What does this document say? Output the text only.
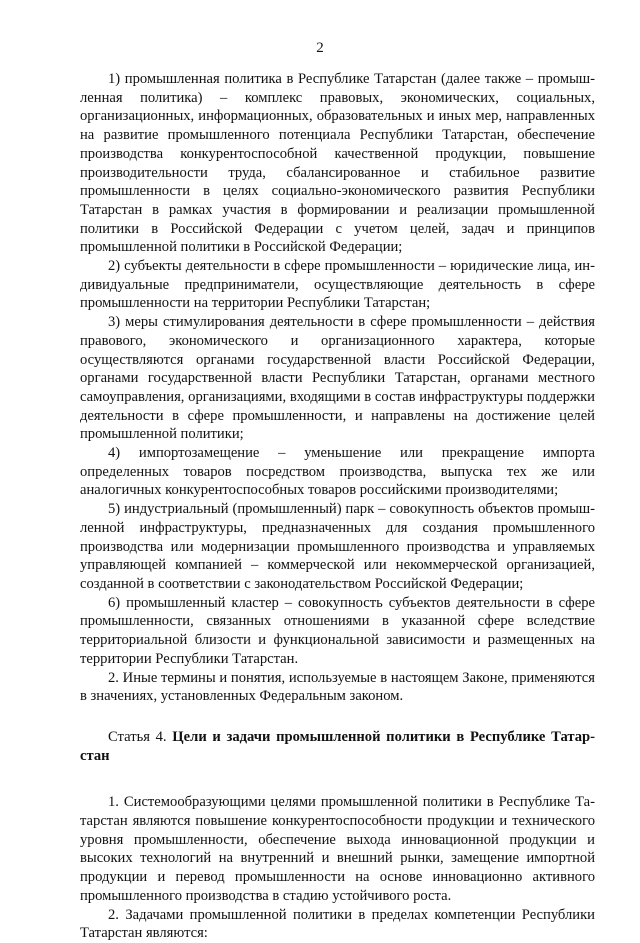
2

1) промышленная политика в Республике Татарстан (далее также – промышленная политика) – комплекс правовых, экономических, социальных, организационных, информационных, образовательных и иных мер, направленных на развитие промышленного потенциала Республики Татарстан, обеспечение производства конкурентоспособной качественной продукции, повышение производительности труда, сбалансированное и стабильное развитие промышленности в целях социально-экономического развития Республики Татарстан в рамках участия в формировании и реализации промышленной политики в Российской Федерации с учетом целей, задач и принципов промышленной политики в Российской Федерации;

2) субъекты деятельности в сфере промышленности – юридические лица, индивидуальные предприниматели, осуществляющие деятельность в сфере промышленности на территории Республики Татарстан;

3) меры стимулирования деятельности в сфере промышленности – действия правового, экономического и организационного характера, которые осуществляются органами государственной власти Российской Федерации, органами государственной власти Республики Татарстан, органами местного самоуправления, организациями, входящими в состав инфраструктуры поддержки деятельности в сфере промышленности, и направлены на достижение целей промышленной политики;

4) импортозамещение – уменьшение или прекращение импорта определенных товаров посредством производства, выпуска тех же или аналогичных конкурентоспособных товаров российскими производителями;

5) индустриальный (промышленный) парк – совокупность объектов промышленной инфраструктуры, предназначенных для создания промышленного производства или модернизации промышленного производства и управляемых управляющей компанией – коммерческой или некоммерческой организацией, созданной в соответствии с законодательством Российской Федерации;

6) промышленный кластер – совокупность субъектов деятельности в сфере промышленности, связанных отношениями в указанной сфере вследствие территориальной близости и функциональной зависимости и размещенных на территории Республики Татарстан.

2. Иные термины и понятия, используемые в настоящем Законе, применяются в значениях, установленных Федеральным законом.

Статья 4. Цели и задачи промышленной политики в Республике Татарстан

1. Системообразующими целями промышленной политики в Республике Татарстан являются повышение конкурентоспособности продукции и технического уровня промышленности, обеспечение выхода инновационной продукции и высоких технологий на внутренний и внешний рынки, замещение импортной продукции и перевод промышленности на основе инновационно активного промышленного производства в стадию устойчивого роста.

2. Задачами промышленной политики в пределах компетенции Республики Татарстан являются:
